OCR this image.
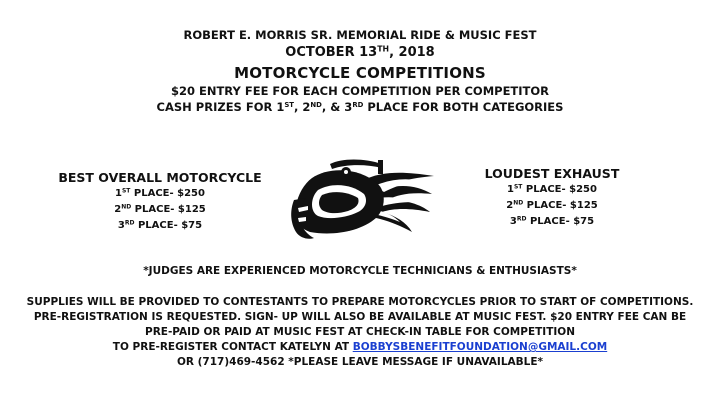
ROBERT E. MORRIS SR. MEMORIAL RIDE & MUSIC FEST
OCTOBER 13TH, 2018
MOTORCYCLE COMPETITIONS
$20 ENTRY FEE FOR EACH COMPETITION PER COMPETITOR
CASH PRIZES FOR 1ST, 2ND, & 3RD PLACE FOR BOTH CATEGORIES
BEST OVERALL MOTORCYCLE
1ST PLACE- $250
2ND PLACE- $125
3RD PLACE- $75
LOUDEST EXHAUST
1ST PLACE- $250
2ND PLACE- $125
3RD PLACE- $75
*JUDGES ARE EXPERIENCED MOTORCYCLE TECHNICIANS & ENTHUSIASTS*
SUPPLIES WILL BE PROVIDED TO CONTESTANTS TO PREPARE MOTORCYCLES PRIOR TO START OF COMPETITIONS.
PRE-REGISTRATION IS REQUESTED. SIGN- UP WILL ALSO BE AVAILABLE AT MUSIC FEST. $20 ENTRY FEE CAN BE
PRE-PAID OR PAID AT MUSIC FEST AT CHECK-IN TABLE FOR COMPETITION
TO PRE-REGISTER CONTACT KATELYN AT BOBBYSBENEFITFOUNDATION@GMAIL.COM
OR (717)469-4562 *PLEASE LEAVE MESSAGE IF UNAVAILABLE*
